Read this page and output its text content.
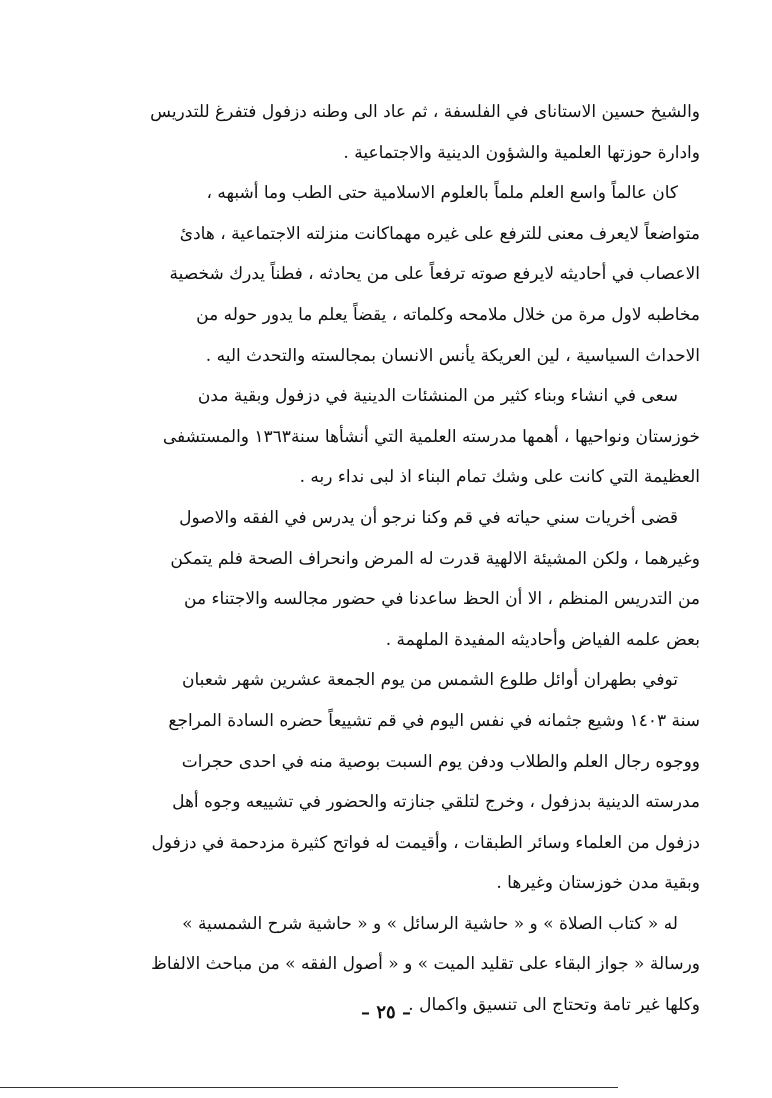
والشيخ حسين الاستاناى في الفلسفة ، ثم عاد الى وطنه دزفول فتفرغ للتدريس
وادارة حوزتها العلمية والشؤون الدينية والاجتماعية .
كان عالماً واسع العلم ملماً بالعلوم الاسلامية حتى الطب وما أشبهه ،
متواضعاً لايعرف معنى للترفع على غيره مهماكانت منزلته الاجتماعية ، هادئ
الاعصاب في أحاديثه لايرفع صوته ترفعاً على من يحادثه ، فطناً يدرك شخصية
مخاطبه لاول مرة من خلال ملامحه وكلماته ، يقضاً يعلم ما يدور حوله من
الاحداث السياسية ، لين العريكة يأنس الانسان بمجالسته والتحدث اليه .
سعى في انشاء وبناء كثير من المنشئات الدينية في دزفول وبقية مدن
خوزستان ونواحيها ، أهمها مدرسته العلمية التي أنشأها سنة١٣٦٣ والمستشفى
العظيمة التي كانت على وشك تمام البناء اذ لبى نداء ربه .
قضى أخريات سني حياته في قم وكنا نرجو أن يدرس في الفقه والاصول
وغيرهما ، ولكن المشيئة الالهية قدرت له المرض وانحراف الصحة فلم يتمكن
من التدريس المنظم ، الا أن الحظ ساعدنا في حضور مجالسه والاجتناء من
بعض علمه الفياض وأحاديثه المفيدة الملهمة .
توفي بطهران أوائل طلوع الشمس من يوم الجمعة عشرين شهر شعبان
سنة ١٤٠٣ وشيع جثمانه في نفس اليوم في قم تشييعاً حضره السادة المراجع
ووجوه رجال العلم والطلاب ودفن يوم السبت بوصية منه في احدى حجرات
مدرسته الدينية بدزفول ، وخرج لتلقي جنازته والحضور في تشييعه وجوه أهل
دزفول من العلماء وسائر الطبقات ، وأقيمت له فواتح كثيرة مزدحمة في دزفول
وبقية مدن خوزستان وغيرها .
له « كتاب الصلاة » و « حاشية الرسائل » و « حاشية شرح الشمسية »
ورسالة « جواز البقاء على تقليد الميت » و « أصول الفقه » من مباحث الالفاظ
وكلها غير تامة وتحتاج الى تنسيق واكمال .
– ٢٥ –
